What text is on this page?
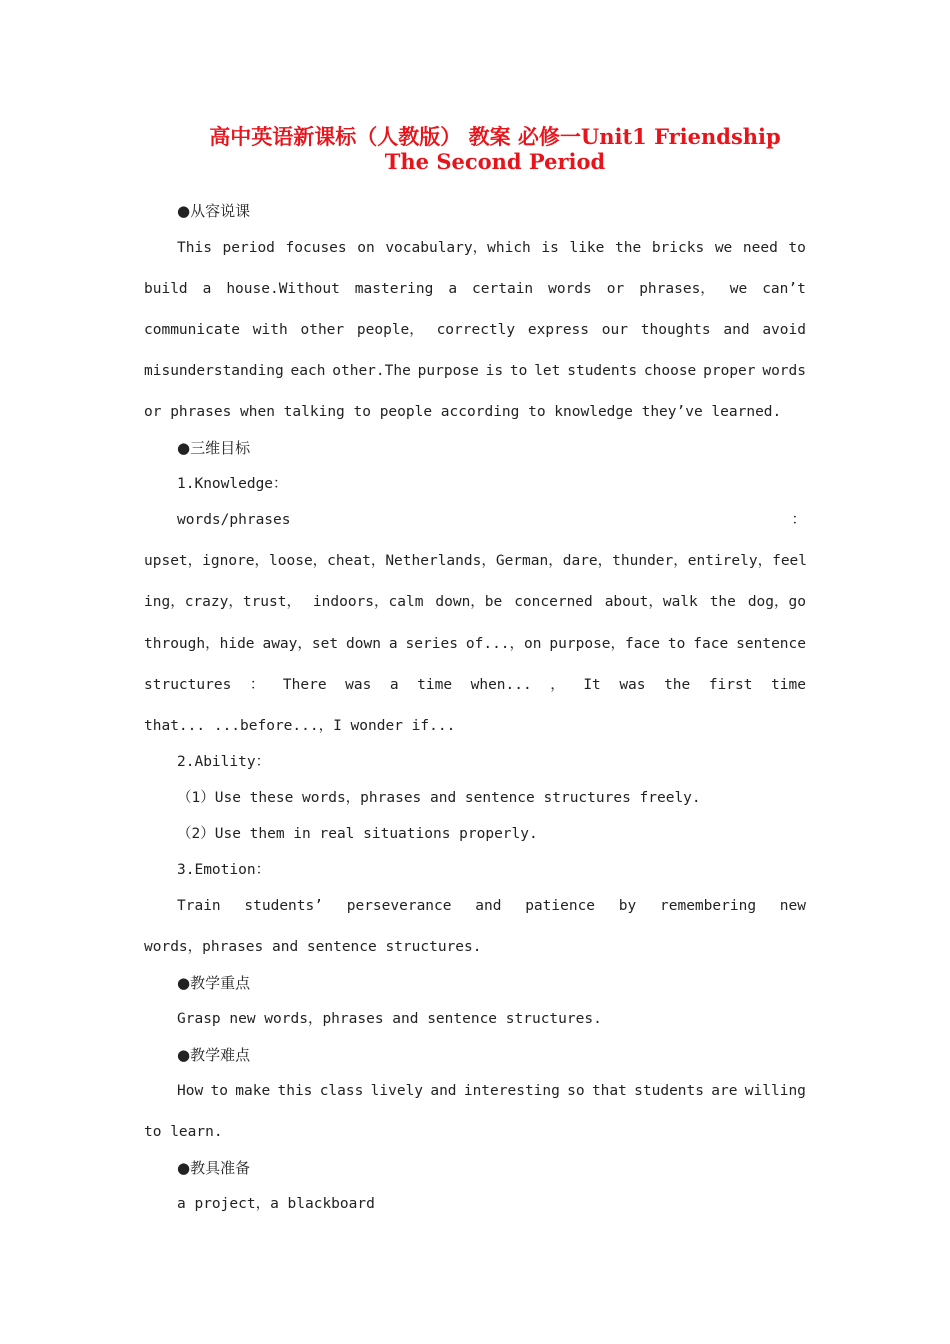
高中英语新课标（人教版） 教案 必修一Unit1 Friendship
The Second Period
●从容说课
This period focuses on vocabulary，which is like the bricks we need to
build a house.Without mastering a certain words or phrases， we can’t
communicate with other people， correctly express our thoughts and avoid
misunderstanding each other.The purpose is to let students choose proper words
or phrases when talking to people according to knowledge they’ve learned.
●三维目标
1.Knowledge：
words/phrases	：
upset，ignore，loose，cheat，Netherlands，German，dare，thunder，entirely，feel
ing，crazy，trust， indoors，calm down，be concerned about，walk the dog，go
through，hide away，set down a series of...，on purpose，face to face sentence
structures ： There was a time when... ， It was the first time
that... ...before...，I wonder if...
2.Ability：
（1）Use these words，phrases and sentence structures freely.
（2）Use them in real situations properly.
3.Emotion：
Train students’ perseverance and patience by remembering new
words，phrases and sentence structures.
●教学重点
Grasp new words，phrases and sentence structures.
●教学难点
How to make this class lively and interesting so that students are willing
to learn.
●教具准备
a project，a blackboard
